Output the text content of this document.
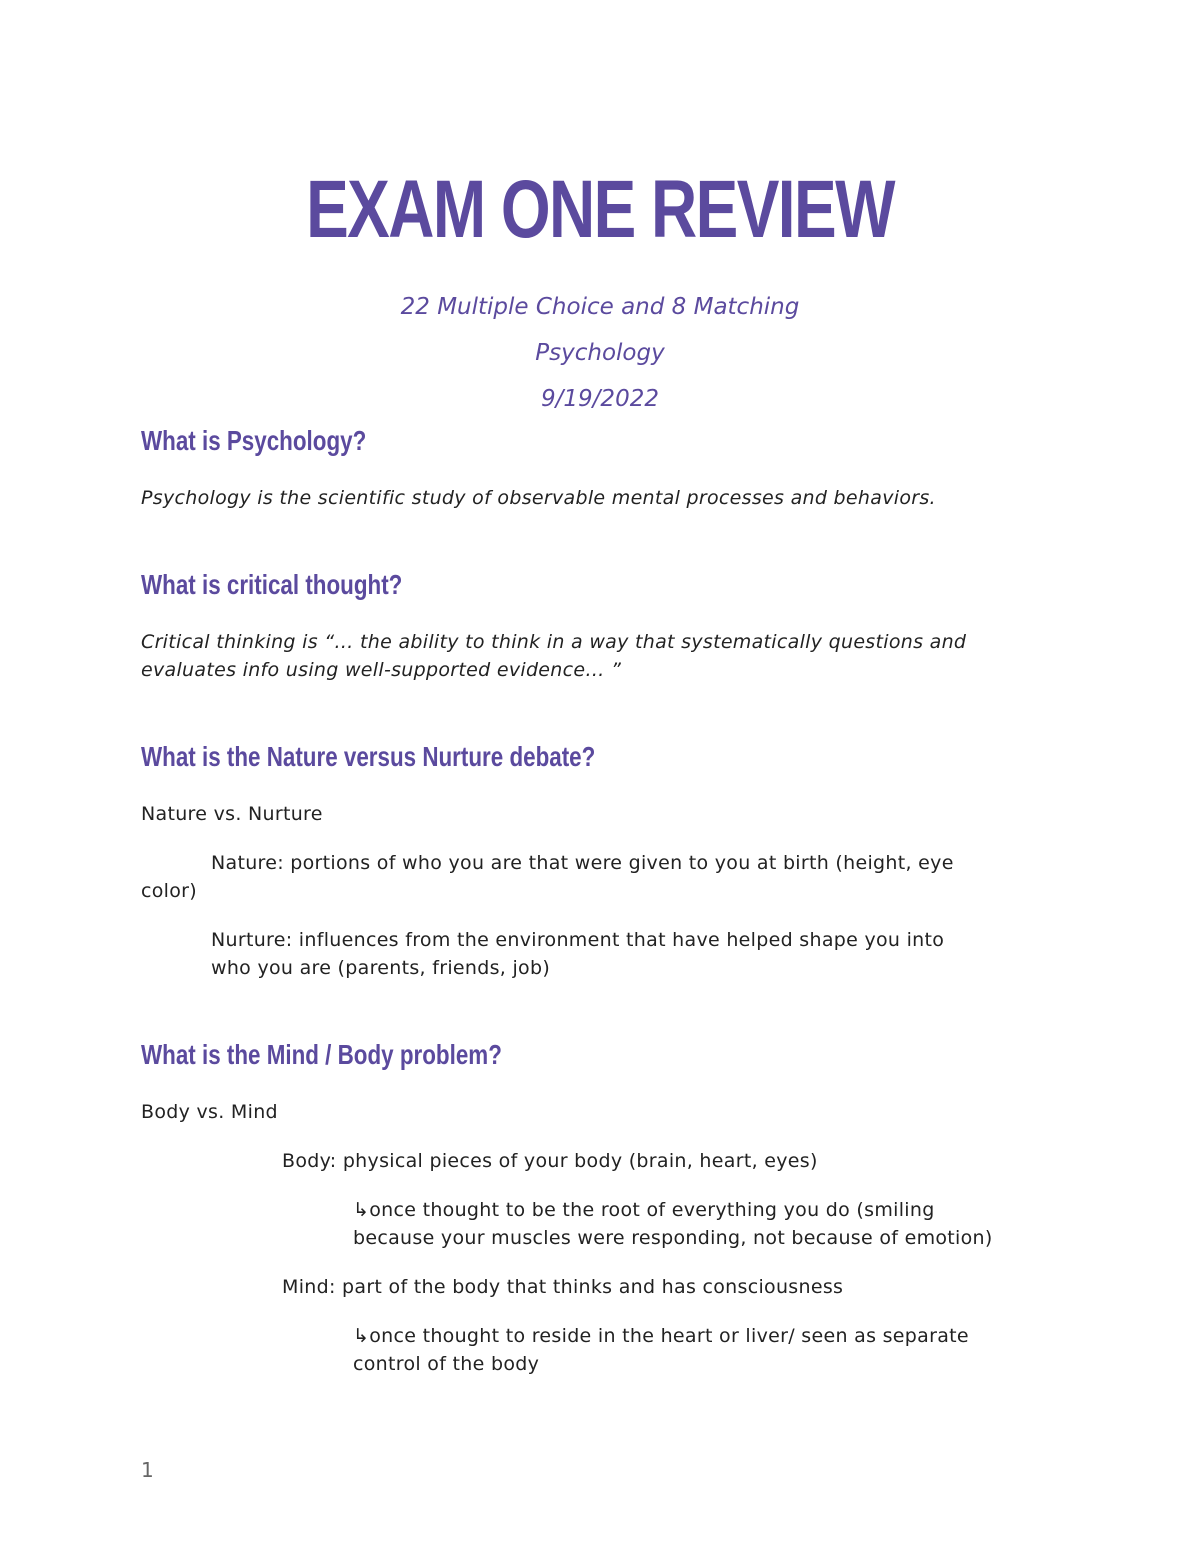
EXAM ONE REVIEW

22 Multiple Choice and 8 Matching

Psychology

9/19/2022

What is Psychology?

Psychology is the scientific study of observable mental processes and behaviors.

What is critical thought?

Critical thinking is “… the ability to think in a way that systematically questions and

evaluates info using well-supported evidence… ”

What is the Nature versus Nurture debate?

Nature vs. Nurture

Nature: portions of who you are that were given to you at birth (height, eye

color)

Nurture: influences from the environment that have helped shape you into

who you are (parents, friends, job)

What is the Mind / Body problem?

Body vs. Mind

Body: physical pieces of your body (brain, heart, eyes)

↳once thought to be the root of everything you do (smiling

because your muscles were responding, not because of emotion)

Mind: part of the body that thinks and has consciousness

↳once thought to reside in the heart or liver/ seen as separate

control of the body

1
